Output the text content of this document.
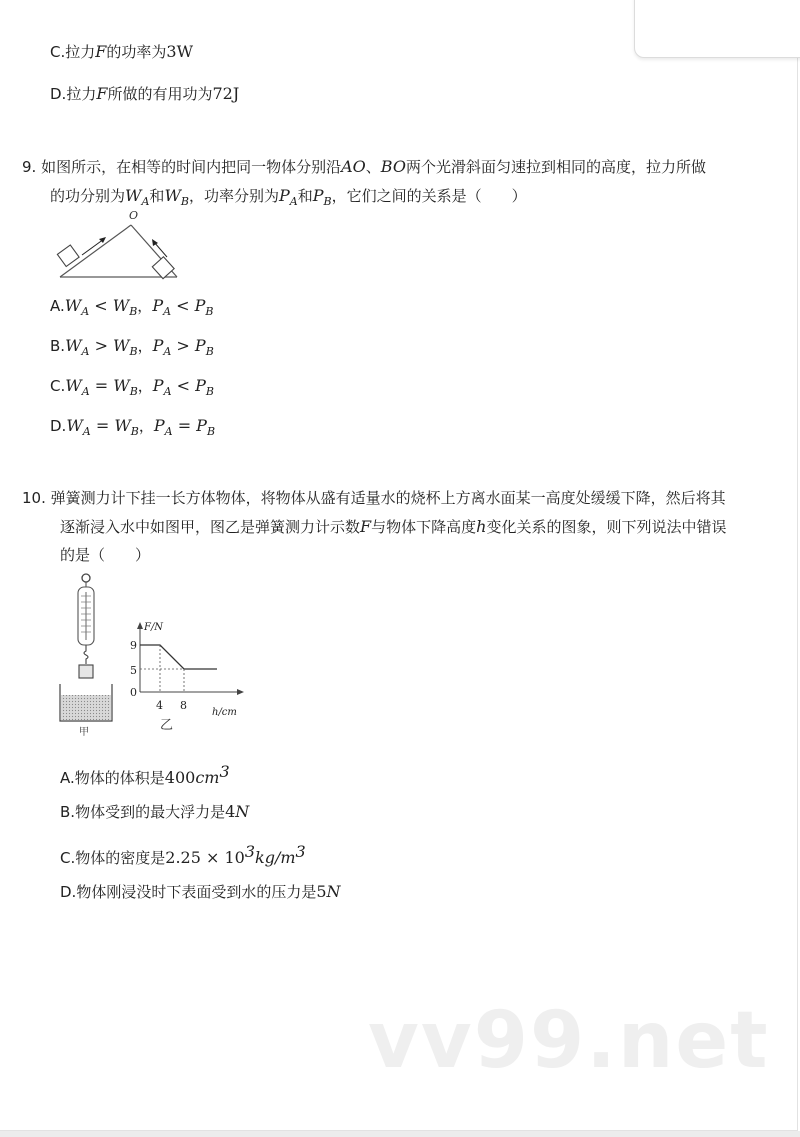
C.拉力F的功率为3W
D.拉力F所做的有用功为72J
9. 如图所示，在相等的时间内把同一物体分别沿AO、BO两个光滑斜面匀速拉到相同的高度，拉力所做
的功分别为$W_A$和$W_B$，功率分别为$P_A$和$P_B$，它们之间的关系是（　　）
O
$A.W_A < W_B$，$P_A < P_B$
$B.W_A > W_B$，$P_A > P_B$
$C.W_A = W_B$，$P_A < P_B$
$D.W_A = W_B$，$P_A = P_B$
10. 弹簧测力计下挂一长方体物体，将物体从盛有适量水的烧杯上方离水面某一高度处缓缓下降，然后将其
逐渐浸入水中如图甲，图乙是弹簧测力计示数F与物体下降高度h变化关系的图象，则下列说法中错误
的是（　　）
甲
F/N
9
5
0
4 8
h/cm
乙
A.物体的体积是$400cm^3$
B.物体受到的最大浮力是4N
C.物体的密度是$2.25 \times 10^3kg/m^3$
D.物体刚浸没时下表面受到水的压力是5N
vv99.net
